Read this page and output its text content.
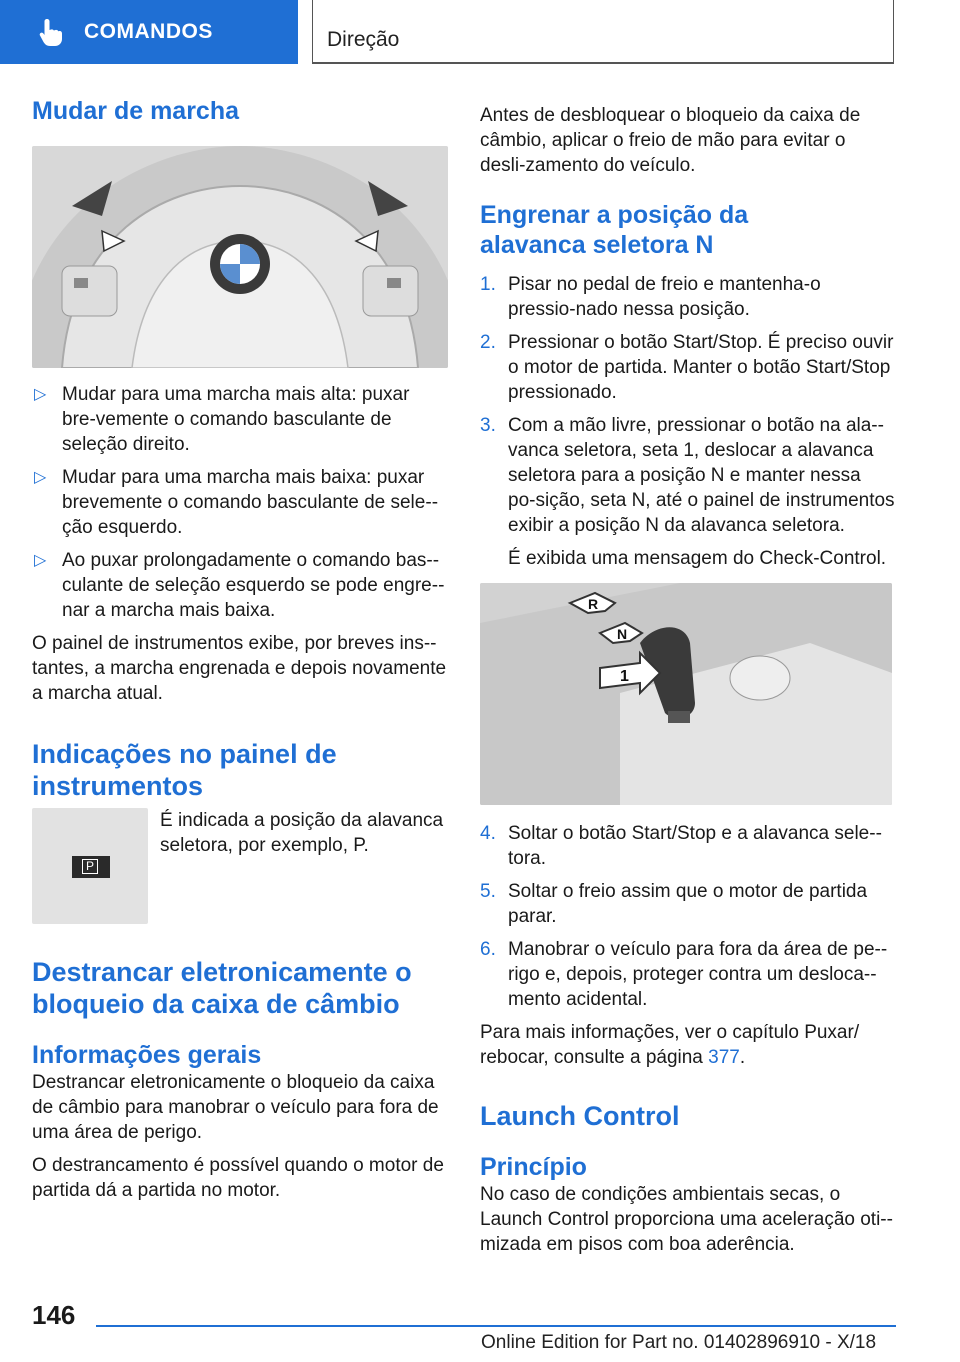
COMANDOS	Direção
Mudar de marcha
▷ Mudar para uma marcha mais alta: puxar bre-vemente o comando basculante de seleção direito.
▷ Mudar para uma marcha mais baixa: puxar brevemente o comando basculante de sele-ção esquerdo.
▷ Ao puxar prolongadamente o comando bas-culante de seleção esquerdo se pode engre-nar a marcha mais baixa.

O painel de instrumentos exibe, por breves ins-tantes, a marcha engrenada e depois novamente a marcha atual.

Indicações no painel de instrumentos
P

É indicada a posição da alavanca seletora, por exemplo, P.

Destrancar eletronicamente o bloqueio da caixa de câmbio
Informações gerais

Destrancar eletronicamente o bloqueio da caixa de câmbio para manobrar o veículo para fora de uma área de perigo.

O destrancamento é possível quando o motor de partida dá a partida no motor.

Antes de desbloquear o bloqueio da caixa de câmbio, aplicar o freio de mão para evitar o desli-zamento do veículo.

Engrenar a posição da alavanca seletora N
1. Pisar no pedal de freio e mantenha-o pressio-nado nessa posição.
2. Pressionar o botão Start/Stop. É preciso ouvir o motor de partida. Manter o botão Start/Stop pressionado.
3. Com a mão livre, pressionar o botão na ala-vanca seletora, seta 1, deslocar a alavanca seletora para a posição N e manter nessa po-sição, seta N, até o painel de instrumentos exibir a posição N da alavanca seletora.
É exibida uma mensagem do Check-Control.
R
N
1
4. Soltar o botão Start/Stop e a alavanca sele-tora.
5. Soltar o freio assim que o motor de partida parar.
6. Manobrar o veículo para fora da área de pe-rigo e, depois, proteger contra um desloca-mento acidental.

Para mais informações, ver o capítulo Puxar/ rebocar, consulte a página 377.

Launch Control
Princípio

No caso de condições ambientais secas, o Launch Control proporciona uma aceleração oti-mizada em pisos com boa aderência.

146
Online Edition for Part no. 01402896910 - X/18
